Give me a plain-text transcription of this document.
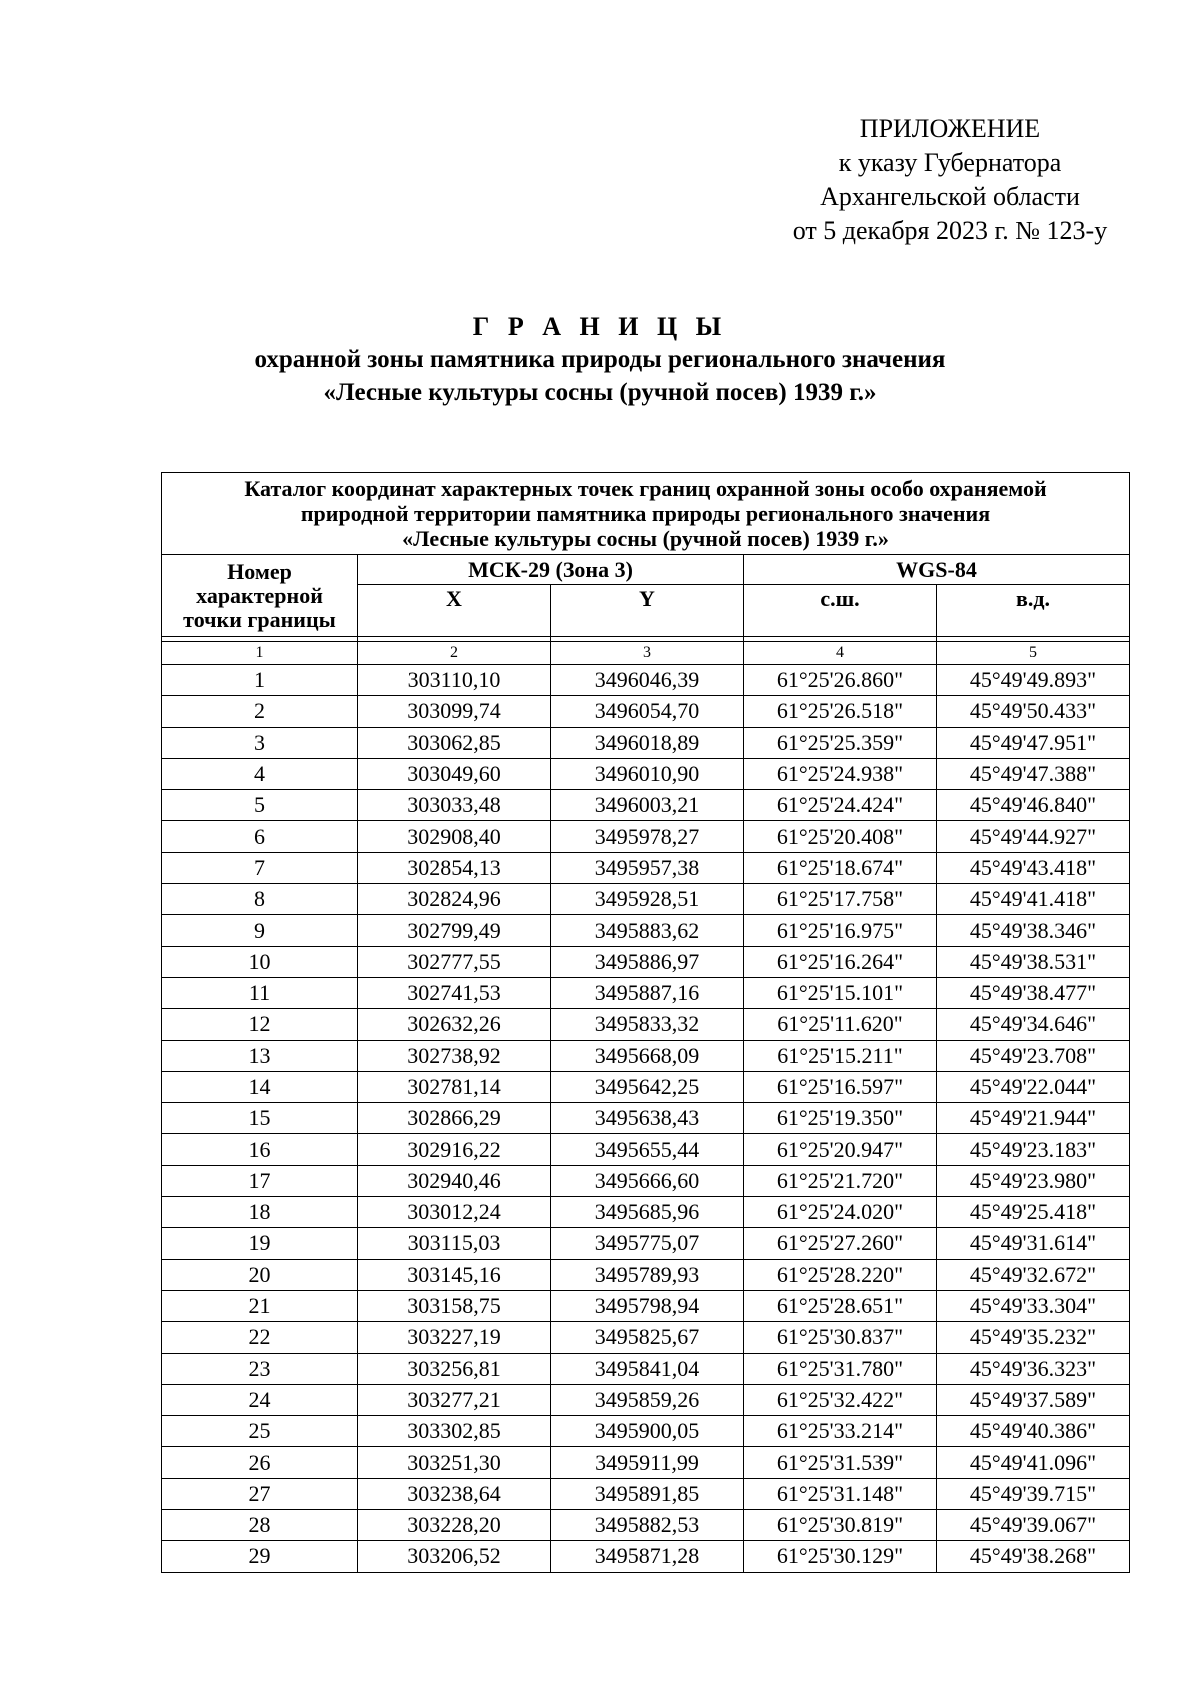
ПРИЛОЖЕНИЕ
к указу Губернатора
Архангельской области
от 5 декабря 2023 г. № 123-у
Г Р А Н И Ц Ы
охранной зоны памятника природы регионального значения
«Лесные культуры сосны (ручной посев) 1939 г.»
Каталог координат характерных точек границ охранной зоны особо охраняемой
природной территории памятника природы регионального значения
«Лесные культуры сосны (ручной посев) 1939 г.»				

Номер характерной точки границы	МСК-29 (Зона 3)		WGS-84	
	X	Y	с.ш.	в.д.

1	2	3	4	5
1	303110,10	3496046,39	61°25'26.860"	45°49'49.893"
2	303099,74	3496054,70	61°25'26.518"	45°49'50.433"
3	303062,85	3496018,89	61°25'25.359"	45°49'47.951"
4	303049,60	3496010,90	61°25'24.938"	45°49'47.388"
5	303033,48	3496003,21	61°25'24.424"	45°49'46.840"
6	302908,40	3495978,27	61°25'20.408"	45°49'44.927"
7	302854,13	3495957,38	61°25'18.674"	45°49'43.418"
8	302824,96	3495928,51	61°25'17.758"	45°49'41.418"
9	302799,49	3495883,62	61°25'16.975"	45°49'38.346"
10	302777,55	3495886,97	61°25'16.264"	45°49'38.531"
11	302741,53	3495887,16	61°25'15.101"	45°49'38.477"
12	302632,26	3495833,32	61°25'11.620"	45°49'34.646"
13	302738,92	3495668,09	61°25'15.211"	45°49'23.708"
14	302781,14	3495642,25	61°25'16.597"	45°49'22.044"
15	302866,29	3495638,43	61°25'19.350"	45°49'21.944"
16	302916,22	3495655,44	61°25'20.947"	45°49'23.183"
17	302940,46	3495666,60	61°25'21.720"	45°49'23.980"
18	303012,24	3495685,96	61°25'24.020"	45°49'25.418"
19	303115,03	3495775,07	61°25'27.260"	45°49'31.614"
20	303145,16	3495789,93	61°25'28.220"	45°49'32.672"
21	303158,75	3495798,94	61°25'28.651"	45°49'33.304"
22	303227,19	3495825,67	61°25'30.837"	45°49'35.232"
23	303256,81	3495841,04	61°25'31.780"	45°49'36.323"
24	303277,21	3495859,26	61°25'32.422"	45°49'37.589"
25	303302,85	3495900,05	61°25'33.214"	45°49'40.386"
26	303251,30	3495911,99	61°25'31.539"	45°49'41.096"
27	303238,64	3495891,85	61°25'31.148"	45°49'39.715"
28	303228,20	3495882,53	61°25'30.819"	45°49'39.067"
29	303206,52	3495871,28	61°25'30.129"	45°49'38.268"
